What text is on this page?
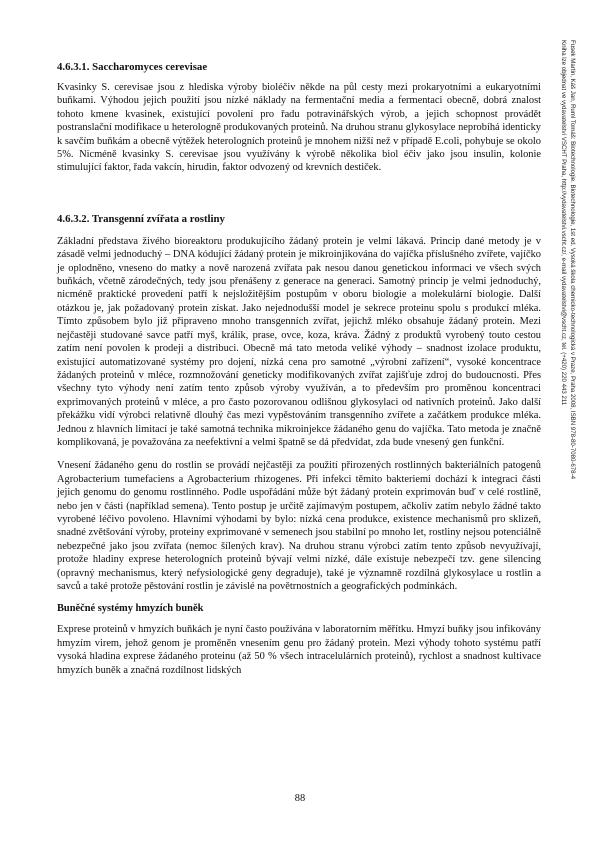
4.6.3.1. Saccharomyces cerevisae

Kvasinky S. cerevisae jsou z hlediska výroby bioléčiv někde na půl cesty mezi prokaryotními a eukaryotními buňkami. Výhodou jejich použití jsou nízké náklady na fermentační media a fermentaci obecně, dobrá znalost tohoto kmene kvasinek, existující povolení pro řadu potravinářských výrob, a jejich schopnost provádět postranslační modifikace u heterologně produkovaných proteinů. Na druhou stranu glykosylace neprobíhá identicky k savčím buňkám a obecně výtěžek heterologních proteinů je mnohem nižší než v případě E.coli, pohybuje se okolo 5%. Nicméně kvasinky S. cerevisae jsou využívány k výrobě několika biol éčiv jako jsou insulin, kolonie stimulující faktor, řada vakcín, hirudin, faktor odvozený od krevních destiček.

4.6.3.2. Transgenní zvířata a rostliny

Základní představa živého bioreaktoru produkujícího žádaný protein je velmi lákavá. Princip dané metody je v zásadě velmi jednoduchý – DNA kódující žádaný protein je mikroinjikována do vajíčka příslušného zvířete, vajíčko je oplodněno, vneseno do matky a nově narozená zvířata pak nesou danou genetickou informaci ve všech svých buňkách, včetně zárodečných, tedy jsou přenášeny z generace na generaci. Samotný princip je velmi jednoduchý, nicméně praktické provedení patří k nejsložitějším postupům v oboru biologie a molekulární biologie. Další otázkou je, jak požadovaný protein získat. Jako nejednodušší model je sekrece proteinu spolu s produkcí mléka. Tímto způsobem bylo již připraveno mnoho transgenních zvířat, jejichž mléko obsahuje žádaný protein. Mezi nejčastěji studované savce patří myš, králík, prase, ovce, koza, kráva. Žádný z produktů vyrobený touto cestou zatím není povolen k prodeji a distribuci. Obecně má tato metoda veliké výhody – snadnost izolace produktu, existující automatizované systémy pro dojení, nízká cena pro samotné „výrobní zařízení“, vysoké koncentrace žádaných proteinů v mléce, rozmnožování geneticky modifikovaných zvířat zajišťuje zdroj do budoucnosti. Přes všechny tyto výhody není zatím tento způsob výroby využíván, a to především pro proměnou koncentraci exprimovaných proteinů v mléce, a pro často pozorovanou odlišnou glykosylaci od nativních proteinů. Jako další překážku vidí výrobci relativně dlouhý čas mezi vypěstováním transgenního zvířete a začátkem produkce mléka. Jednou z hlavních limitací je také samotná technika mikroinjekce žádaného genu do vajíčka. Tato metoda je značně komplikovaná, je považována za neefektivní a velmi špatně se dá předvídat, zda bude vnesený gen funkční.

Vnesení žádaného genu do rostlin se provádí nejčastěji za použití přirozených rostlinných bakteriálních patogenů Agrobacterium tumefaciens a Agrobacterium rhizogenes. Při infekci těmito bakteriemi dochází k integraci části jejich genomu do genomu rostlinného. Podle uspořádání může být žádaný protein exprimován buď v celé rostlině, nebo jen v části (například semena). Tento postup je určitě zajímavým postupem, ačkoliv zatím nebylo žádné takto vyrobené léčivo povoleno. Hlavními výhodami by bylo: nízká cena produkce, existence mechanismů pro sklizeň, snadné zvětšování výroby, proteiny exprimované v semenech jsou stabilní po mnoho let, rostliny nejsou potenciálně nebezpečné jako jsou zvířata (nemoc šílených krav). Na druhou stranu výrobci zatím tento způsob nevyužívají, protože hladiny exprese heterologních proteinů bývají velmi nízké, dále existuje nebezpečí tzv. gene silencing (opravný mechanismus, který nefysiologické geny degraduje), také je významně rozdílná glykosylace u rostlin a savců a také protože pěstování rostlin je závislé na povětrnostních a geografických podmínkách.

Buněčné systémy hmyzích buněk

Exprese proteinů v hmyzích buňkách je nyní často používána v laboratorním měřítku. Hmyzí buňky jsou infikovány hmyzím virem, jehož genom je proměněn vnesením genu pro žádaný protein. Mezi výhody tohoto systému patří vysoká hladina exprese žádaného proteinu (až 50 % všech intracelulárních proteinů), rychlost a snadnost kultivace hmyzích buněk a značná rozdílnost lidských

88
Fusek Martin, Káš Jan, Ruml Tomáš: Biotechnologie. Biotechnologie, 1st ed. Vysoká škola chemicko-technologická v Praze, Praha 2008, ISBN 978-80-7080-678-4
Kniha lze objednat ve vydavatelství VŠCHT Praha, http://vydavatelstvi.vscht.cz/, e-mail vydavatelstvi@vscht.cz, tel. (+420) 220 443 211
